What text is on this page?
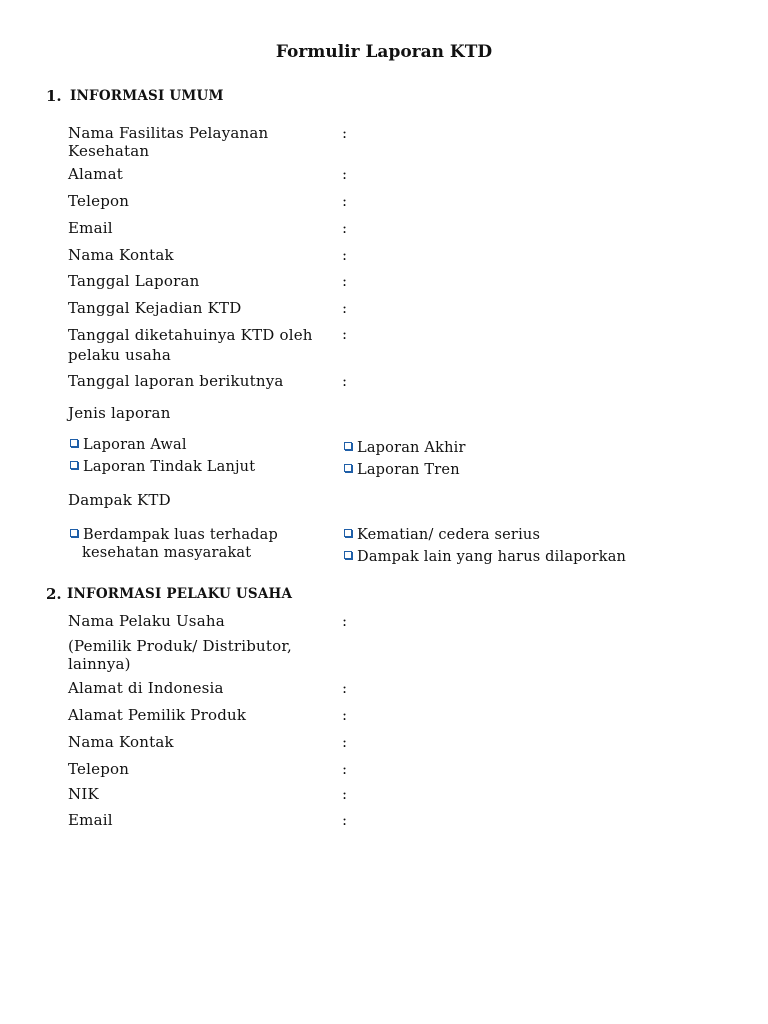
Formulir Laporan KTD
1. INFORMASI UMUM
Nama Fasilitas Pelayanan
Kesehatan
:
Alamat	:
Telepon	:
Email	:
Nama Kontak	:
Tanggal Laporan	:
Tanggal Kejadian KTD	:
Tanggal diketahuinya KTD oleh
pelaku usaha
:
Tanggal laporan berikutnya	:
Jenis laporan
Laporan Awal
Laporan Tindak Lanjut
Laporan Akhir
Laporan Tren
Dampak KTD
Berdampak luas terhadap
kesehatan masyarakat
Kematian/ cedera serius
Dampak lain yang harus dilaporkan
2. INFORMASI PELAKU USAHA
Nama Pelaku Usaha	:
(Pemilik Produk/ Distributor,
lainnya)
Alamat di Indonesia	:
Alamat Pemilik Produk	:
Nama Kontak	:
Telepon	:
NIK	:
Email	:
